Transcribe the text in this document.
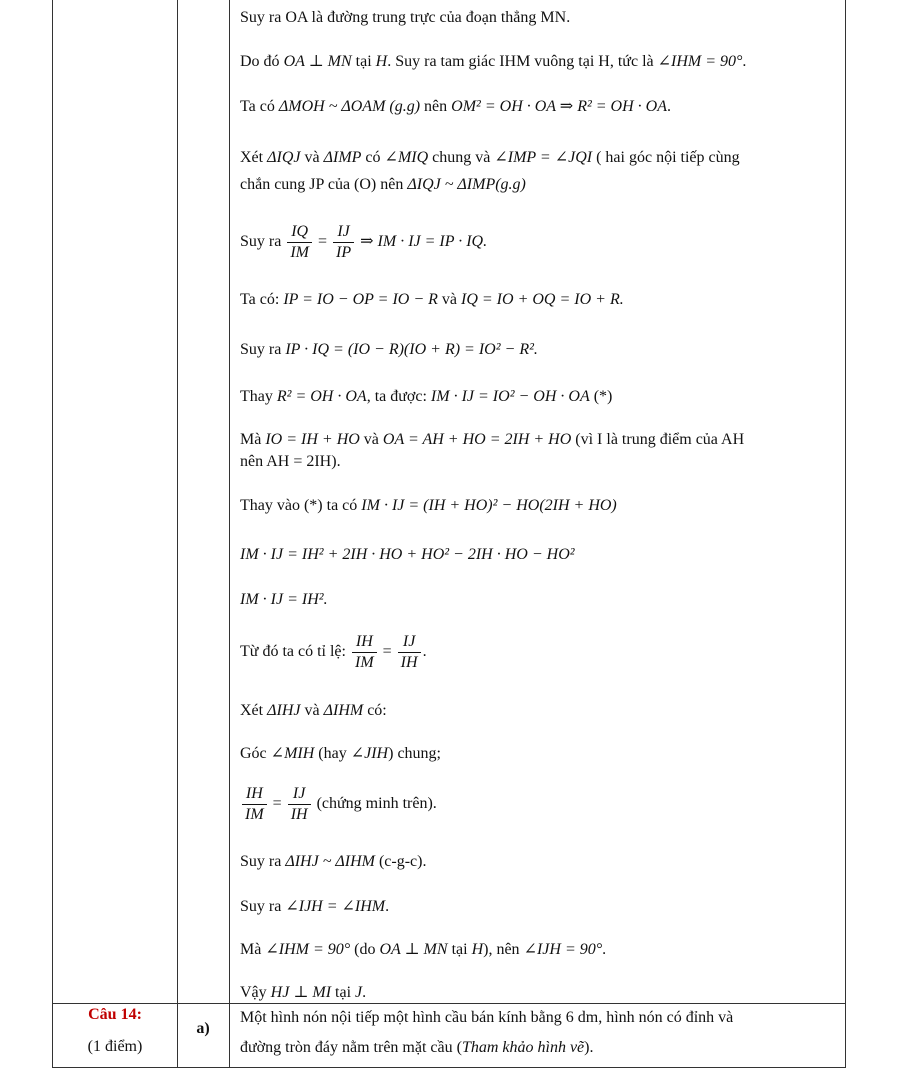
Câu 14:
(1 điểm)
a)
Suy ra OA là đường trung trực của đoạn thẳng MN.
Do đó OA ⊥ MN tại H. Suy ra tam giác IHM vuông tại H, tức là ∠IHM = 90°.
Ta có ΔMOH ~ ΔOAM (g.g) nên OM² = OH · OA ⇒ R² = OH · OA.
Xét ΔIQJ và ΔIMP có ∠MIQ chung và ∠IMP = ∠JQI ( hai góc nội tiếp cùng
chắn cung JP của (O) nên ΔIQJ ~ ΔIMP(g.g)
Suy ra $\frac{IQ}{IM} = \frac{IJ}{IP}$ ⇒ IM · IJ = IP · IQ.
Ta có: IP = IO − OP = IO − R và IQ = IO + OQ = IO + R.
Suy ra IP · IQ = (IO − R)(IO + R) = IO² − R².
Thay R² = OH · OA, ta được: IM · IJ = IO² − OH · OA (*)
Mà IO = IH + HO và OA = AH + HO = 2IH + HO (vì I là trung điểm của AH
nên AH = 2IH).
Thay vào (*) ta có IM · IJ = (IH + HO)² − HO(2IH + HO)
IM · IJ = IH² + 2IH · HO + HO² − 2IH · HO − HO²
IM · IJ = IH².
Từ đó ta có tỉ lệ: $\frac{IH}{IM} = \frac{IJ}{IH}$ .
Xét ΔIHJ và ΔIHM có:
Góc ∠MIH (hay ∠JIH) chung;
$\frac{IH}{IM} = \frac{IJ}{IH}$ (chứng minh trên).
Suy ra ΔIHJ ~ ΔIHM (c-g-c).
Suy ra ∠IJH = ∠IHM.
Mà ∠IHM = 90° (do OA ⊥ MN tại H), nên ∠IJH = 90°.
Vậy HJ ⊥ MI tại J.
Một hình nón nội tiếp một hình cầu bán kính bằng 6 dm, hình nón có đỉnh và
đường tròn đáy nằm trên mặt cầu (Tham khảo hình vẽ).
